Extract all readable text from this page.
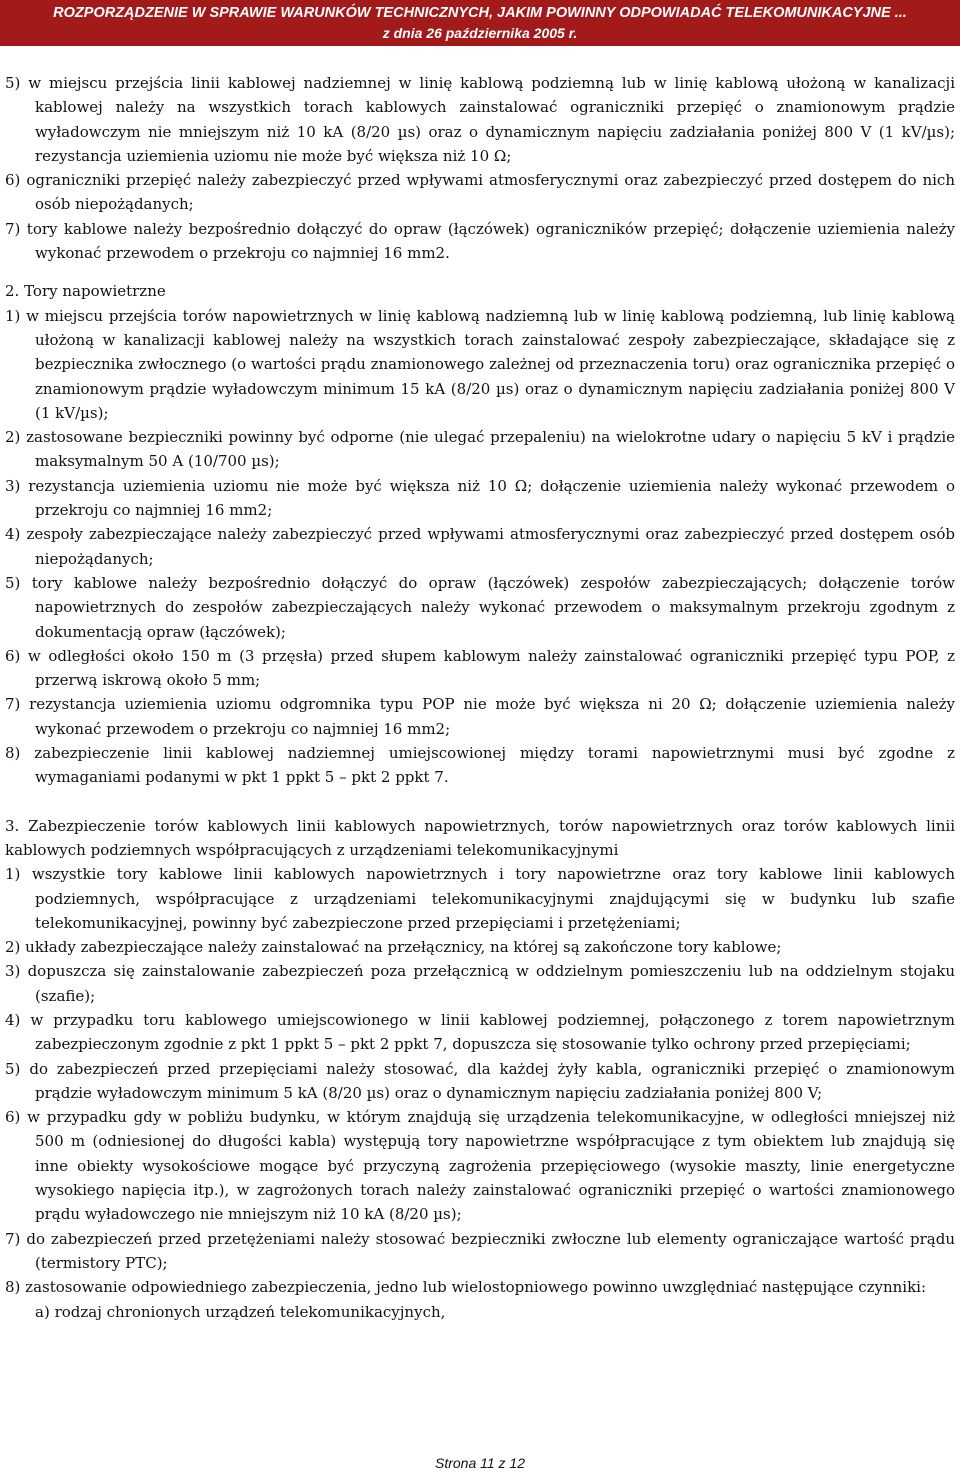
ROZPORZĄDZENIE W SPRAWIE WARUNKÓW TECHNICZNYCH, JAKIM POWINNY ODPOWIADAĆ TELEKOMUNIKACYJNE ...
z dnia 26 października 2005 r.
5) w miejscu przejścia linii kablowej nadziemnej w linię kablową podziemną lub w linię kablową ułożoną w kanalizacji kablowej należy na wszystkich torach kablowych zainstalować ograniczniki przepięć o znamionowym prądzie wyładowczym nie mniejszym niż 10 kA (8/20 µs) oraz o dynamicznym napięciu zadziałania poniżej 800 V (1 kV/µs); rezystancja uziemienia uziomu nie może być większa niż 10 Ω;
6) ograniczniki przepięć należy zabezpieczyć przed wpływami atmosferycznymi oraz zabezpieczyć przed dostępem do nich osób niepożądanych;
7) tory kablowe należy bezpośrednio dołączyć do opraw (łączówek) ograniczników przepięć; dołączenie uziemienia należy wykonać przewodem o przekroju co najmniej 16 mm2.
2. Tory napowietrzne
1) w miejscu przejścia torów napowietrznych w linię kablową nadziemną lub w linię kablową podziemną, lub linię kablową ułożoną w kanalizacji kablowej należy na wszystkich torach zainstalować zespoły zabezpieczające, składające się z bezpiecznika zwłocznego (o wartości prądu znamionowego zależnej od przeznaczenia toru) oraz ogranicznika przepięć o znamionowym prądzie wyładowczym minimum 15 kA (8/20 µs) oraz o dynamicznym napięciu zadziałania poniżej 800 V (1 kV/µs);
2) zastosowane bezpieczniki powinny być odporne (nie ulegać przepaleniu) na wielokrotne udary o napięciu 5 kV i prądzie maksymalnym 50 A (10/700 µs);
3) rezystancja uziemienia uziomu nie może być większa niż 10 Ω; dołączenie uziemienia należy wykonać przewodem o przekroju co najmniej 16 mm2;
4) zespoły zabezpieczające należy zabezpieczyć przed wpływami atmosferycznymi oraz zabezpieczyć przed dostępem osób niepożądanych;
5) tory kablowe należy bezpośrednio dołączyć do opraw (łączówek) zespołów zabezpieczających; dołączenie torów napowietrznych do zespołów zabezpieczających należy wykonać przewodem o maksymalnym przekroju zgodnym z dokumentacją opraw (łączówek);
6) w odległości około 150 m (3 przęsła) przed słupem kablowym należy zainstalować ograniczniki przepięć typu POP, z przerwą iskrową około 5 mm;
7) rezystancja uziemienia uziomu odgromnika typu POP nie może być większa ni 20 Ω; dołączenie uziemienia należy wykonać przewodem o przekroju co najmniej 16 mm2;
8) zabezpieczenie linii kablowej nadziemnej umiejscowionej między torami napowietrznymi musi być zgodne z wymaganiami podanymi w pkt 1 ppkt 5 – pkt 2 ppkt 7.
3. Zabezpieczenie torów kablowych linii kablowych napowietrznych, torów napowietrznych oraz torów kablowych linii kablowych podziemnych współpracujących z urządzeniami telekomunikacyjnymi
1) wszystkie tory kablowe linii kablowych napowietrznych i tory napowietrzne oraz tory kablowe linii kablowych podziemnych, współpracujące z urządzeniami telekomunikacyjnymi znajdującymi się w budynku lub szafie telekomunikacyjnej, powinny być zabezpieczone przed przepięciami i przetężeniami;
2) układy zabezpieczające należy zainstalować na przełącznicy, na której są zakończone tory kablowe;
3) dopuszcza się zainstalowanie zabezpieczeń poza przełącznicą w oddzielnym pomieszczeniu lub na oddzielnym stojaku (szafie);
4) w przypadku toru kablowego umiejscowionego w linii kablowej podziemnej, połączonego z torem napowietrznym zabezpieczonym zgodnie z pkt 1 ppkt 5 – pkt 2 ppkt 7, dopuszcza się stosowanie tylko ochrony przed przepięciami;
5) do zabezpieczeń przed przepięciami należy stosować, dla każdej żyły kabla, ograniczniki przepięć o znamionowym prądzie wyładowczym minimum 5 kA (8/20 µs) oraz o dynamicznym napięciu zadziałania poniżej 800 V;
6) w przypadku gdy w pobliżu budynku, w którym znajdują się urządzenia telekomunikacyjne, w odległości mniejszej niż 500 m (odniesionej do długości kabla) występują tory napowietrzne współpracujące z tym obiektem lub znajdują się inne obiekty wysokościowe mogące być przyczyną zagrożenia przepięciowego (wysokie maszty, linie energetyczne wysokiego napięcia itp.), w zagrożonych torach należy zainstalować ograniczniki przepięć o wartości znamionowego prądu wyładowczego nie mniejszym niż 10 kA (8/20 µs);
7) do zabezpieczeń przed przetężeniami należy stosować bezpieczniki zwłoczne lub elementy ograniczające wartość prądu (termistory PTC);
8) zastosowanie odpowiedniego zabezpieczenia, jedno lub wielostopniowego powinno uwzględniać następujące czynniki:
a) rodzaj chronionych urządzeń telekomunikacyjnych,
Strona 11 z 12
